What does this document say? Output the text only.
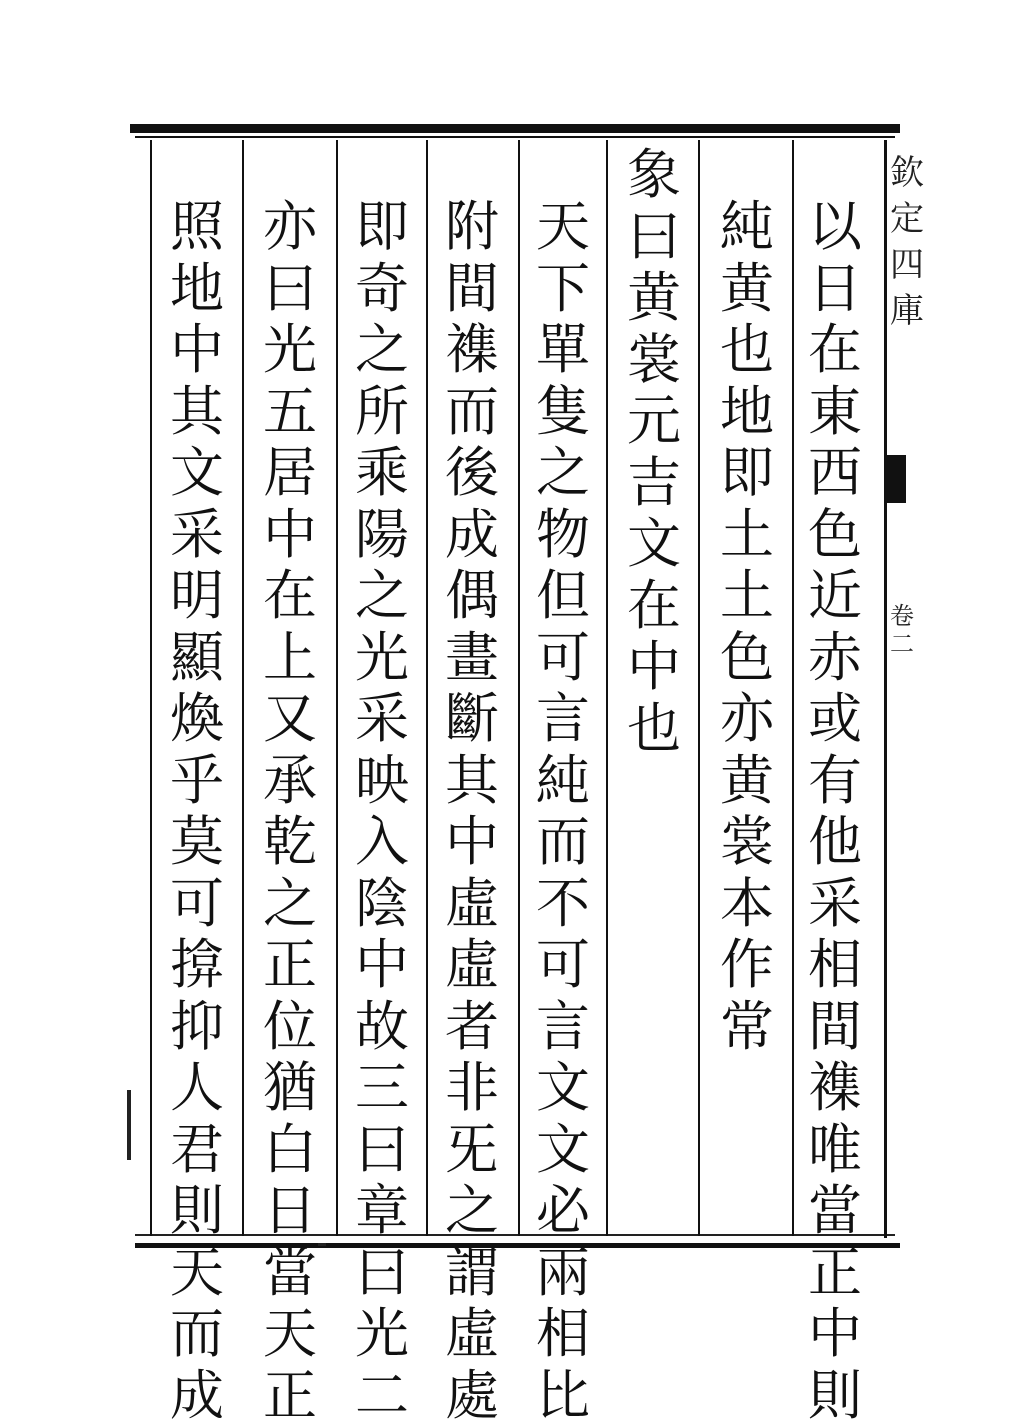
欽
定
四
庫
卷
二
以
日
在
東
西
色
近
赤
或
有
他
采
相
間
襍
唯
當
正
中
則
純
黄
也
地
即
土
土
色
亦
黄
裳
本
作
常
象
曰
黄
裳
元
吉
文
在
中
也
天
下
單
隻
之
物
但
可
言
純
而
不
可
言
文
文
必
兩
相
比
附
間
襍
而
後
成
偶
畫
斷
其
中
虛
虛
者
非
旡
之
謂
虛
處
即
奇
之
所
乘
陽
之
光
采
映
入
陰
中
故
三
曰
章
曰
光
二
亦
曰
光
五
居
中
在
上
又
承
乾
之
正
位
猶
白
日
當
天
正
照
地
中
其
文
采
明
顯
煥
乎
莫
可
揜
抑
人
君
則
天
而
成
